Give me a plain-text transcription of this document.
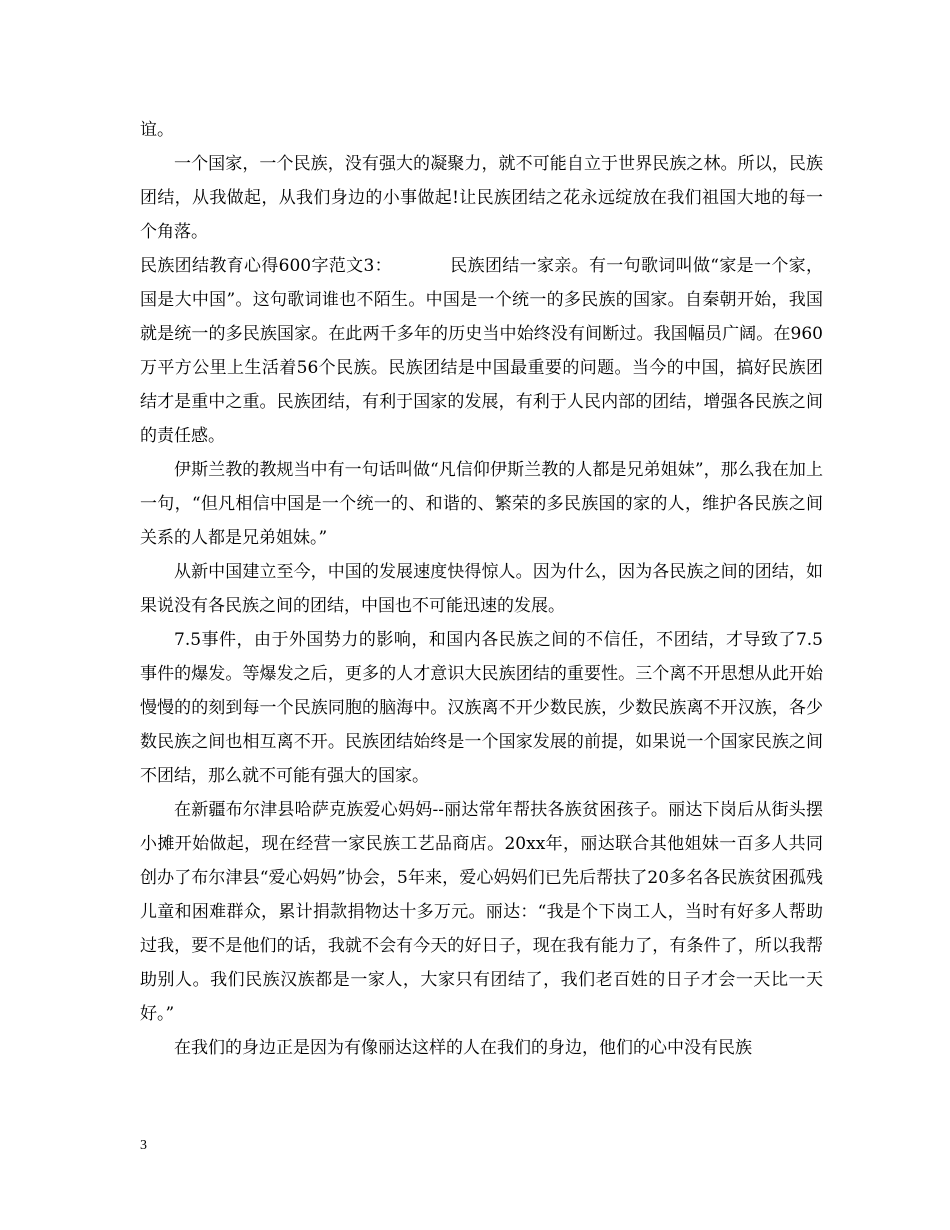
谊。

一个国家，一个民族，没有强大的凝聚力，就不可能自立于世界民族之林。所以，民族团结，从我做起，从我们身边的小事做起!让民族团结之花永远绽放在我们祖国大地的每一个角落。

民族团结教育心得600字范文3：	民族团结一家亲。有一句歌词叫做“家是一个家，国是大中国”。这句歌词谁也不陌生。中国是一个统一的多民族的国家。自秦朝开始，我国就是统一的多民族国家。在此两千多年的历史当中始终没有间断过。我国幅员广阔。在960万平方公里上生活着56个民族。民族团结是中国最重要的问题。当今的中国，搞好民族团结才是重中之重。民族团结，有利于国家的发展，有利于人民内部的团结，增强各民族之间的责任感。

伊斯兰教的教规当中有一句话叫做“凡信仰伊斯兰教的人都是兄弟姐妹”，那么我在加上一句，“但凡相信中国是一个统一的、和谐的、繁荣的多民族国的家的人，维护各民族之间关系的人都是兄弟姐妹。”

从新中国建立至今，中国的发展速度快得惊人。因为什么，因为各民族之间的团结，如果说没有各民族之间的团结，中国也不可能迅速的发展。

7.5事件，由于外国势力的影响，和国内各民族之间的不信任，不团结，才导致了7.5事件的爆发。等爆发之后，更多的人才意识大民族团结的重要性。三个离不开思想从此开始慢慢的的刻到每一个民族同胞的脑海中。汉族离不开少数民族，少数民族离不开汉族，各少数民族之间也相互离不开。民族团结始终是一个国家发展的前提，如果说一个国家民族之间不团结，那么就不可能有强大的国家。

在新疆布尔津县哈萨克族爱心妈妈--丽达常年帮扶各族贫困孩子。丽达下岗后从街头摆小摊开始做起，现在经营一家民族工艺品商店。20xx年，丽达联合其他姐妹一百多人共同创办了布尔津县“爱心妈妈”协会，5年来，爱心妈妈们已先后帮扶了20多名各民族贫困孤残儿童和困难群众，累计捐款捐物达十多万元。丽达：“我是个下岗工人，当时有好多人帮助过我，要不是他们的话，我就不会有今天的好日子，现在我有能力了，有条件了，所以我帮助别人。我们民族汉族都是一家人，大家只有团结了，我们老百姓的日子才会一天比一天好。”

在我们的身边正是因为有像丽达这样的人在我们的身边，他们的心中没有民族

3
